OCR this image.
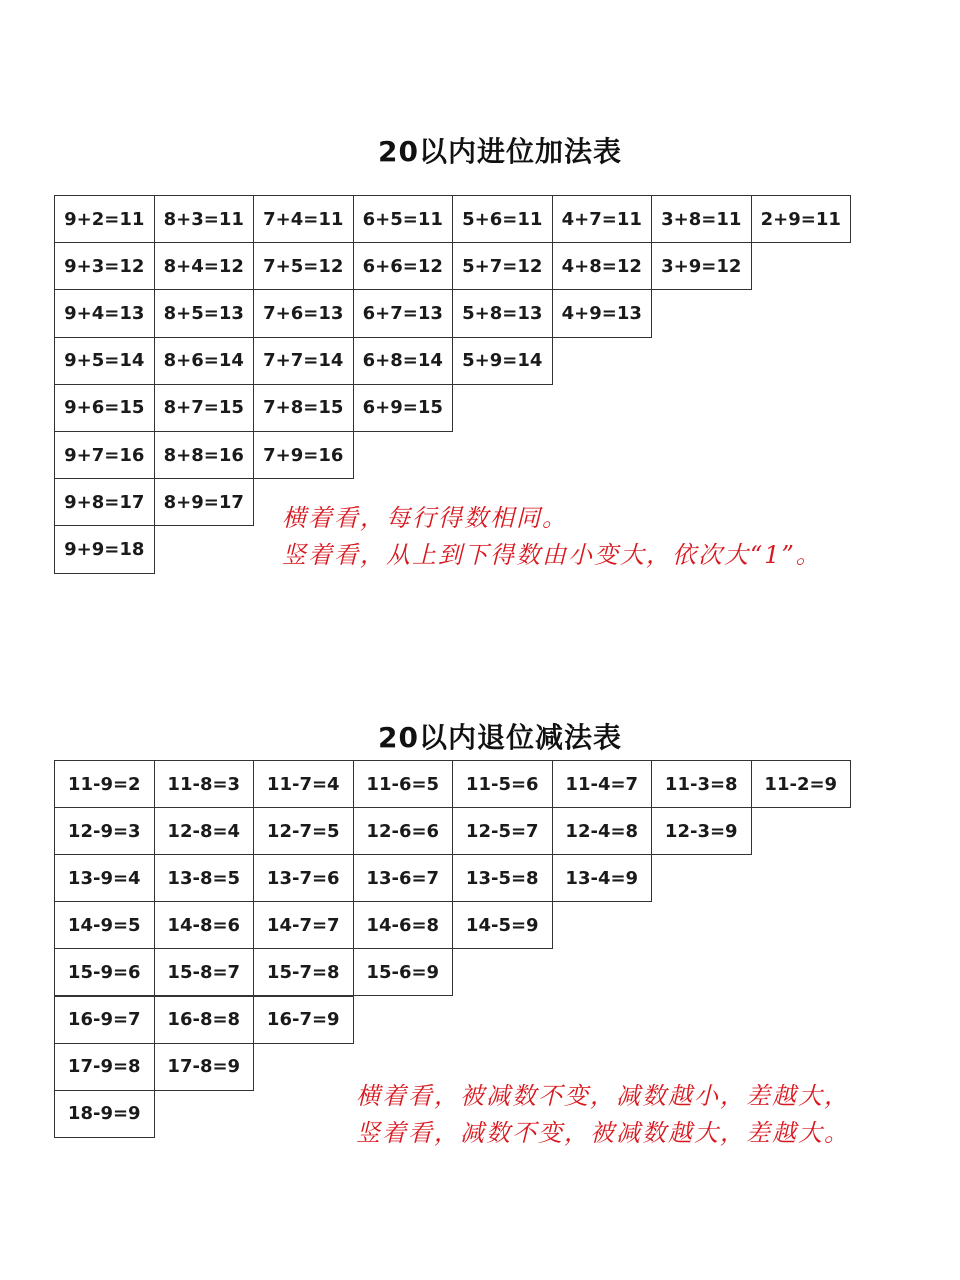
20以内进位加法表
9+2=11	8+3=11	7+4=11	6+5=11	5+6=11	4+7=11	3+8=11	2+9=11
9+3=12	8+4=12	7+5=12	6+6=12	5+7=12	4+8=12	3+9=12
9+4=13	8+5=13	7+6=13	6+7=13	5+8=13	4+9=13
9+5=14	8+6=14	7+7=14	6+8=14	5+9=14
9+6=15	8+7=15	7+8=15	6+9=15
9+7=16	8+8=16	7+9=16
9+8=17	8+9=17
9+9=18
横着看，每行得数相同。
竖着看，从上到下得数由小变大，依次大“1”。
20以内退位减法表
11-9=2	11-8=3	11-7=4	11-6=5	11-5=6	11-4=7	11-3=8	11-2=9
12-9=3	12-8=4	12-7=5	12-6=6	12-5=7	12-4=8	12-3=9
13-9=4	13-8=5	13-7=6	13-6=7	13-5=8	13-4=9
14-9=5	14-8=6	14-7=7	14-6=8	14-5=9
15-9=6	15-8=7	15-7=8	15-6=9
16-9=7	16-8=8	16-7=9
17-9=8	17-8=9
18-9=9
横着看，被减数不变，减数越小，差越大，
竖着看，减数不变，被减数越大，差越大。
